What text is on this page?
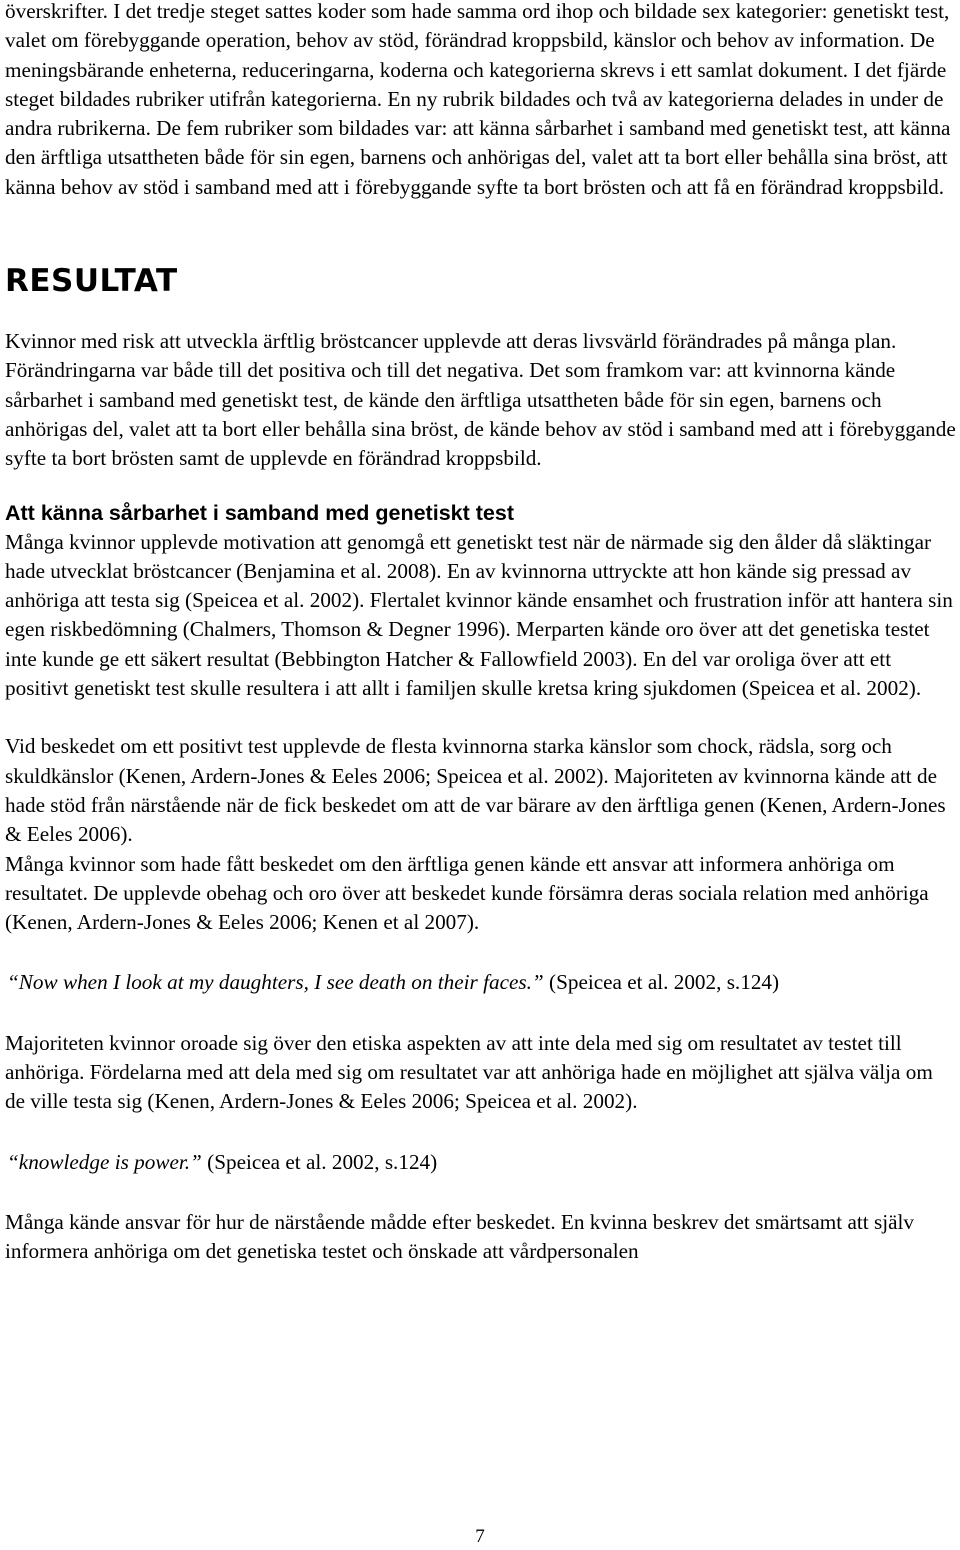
överskrifter. I det tredje steget sattes koder som hade samma ord ihop och bildade sex kategorier: genetiskt test, valet om förebyggande operation, behov av stöd, förändrad kroppsbild, känslor och behov av information. De meningsbärande enheterna, reduceringarna, koderna och kategorierna skrevs i ett samlat dokument. I det fjärde steget bildades rubriker utifrån kategorierna. En ny rubrik bildades och två av kategorierna delades in under de andra rubrikerna. De fem rubriker som bildades var: att känna sårbarhet i samband med genetiskt test, att känna den ärftliga utsattheten både för sin egen, barnens och anhörigas del, valet att ta bort eller behålla sina bröst, att känna behov av stöd i samband med att i förebyggande syfte ta bort brösten och att få en förändrad kroppsbild.

RESULTAT

Kvinnor med risk att utveckla ärftlig bröstcancer upplevde att deras livsvärld förändrades på många plan. Förändringarna var både till det positiva och till det negativa. Det som framkom var: att kvinnorna kände sårbarhet i samband med genetiskt test, de kände den ärftliga utsattheten både för sin egen, barnens och anhörigas del, valet att ta bort eller behålla sina bröst, de kände behov av stöd i samband med att i förebyggande syfte ta bort brösten samt de upplevde en förändrad kroppsbild.

Att känna sårbarhet i samband med genetiskt test

Många kvinnor upplevde motivation att genomgå ett genetiskt test när de närmade sig den ålder då släktingar hade utvecklat bröstcancer (Benjamina et al. 2008). En av kvinnorna uttryckte att hon kände sig pressad av anhöriga att testa sig (Speicea et al. 2002). Flertalet kvinnor kände ensamhet och frustration inför att hantera sin egen riskbedömning (Chalmers, Thomson & Degner 1996). Merparten kände oro över att det genetiska testet inte kunde ge ett säkert resultat (Bebbington Hatcher & Fallowfield 2003). En del var oroliga över att ett positivt genetiskt test skulle resultera i att allt i familjen skulle kretsa kring sjukdomen (Speicea et al. 2002).

Vid beskedet om ett positivt test upplevde de flesta kvinnorna starka känslor som chock, rädsla, sorg och skuldkänslor (Kenen, Ardern-Jones & Eeles 2006; Speicea et al. 2002). Majoriteten av kvinnorna kände att de hade stöd från närstående när de fick beskedet om att de var bärare av den ärftliga genen (Kenen, Ardern-Jones & Eeles 2006).

Många kvinnor som hade fått beskedet om den ärftliga genen kände ett ansvar att informera anhöriga om resultatet. De upplevde obehag och oro över att beskedet kunde försämra deras sociala relation med anhöriga (Kenen, Ardern-Jones & Eeles 2006; Kenen et al 2007).

“Now when I look at my daughters, I see death on their faces.” (Speicea et al. 2002, s.124)

Majoriteten kvinnor oroade sig över den etiska aspekten av att inte dela med sig om resultatet av testet till anhöriga. Fördelarna med att dela med sig om resultatet var att anhöriga hade en möjlighet att själva välja om de ville testa sig (Kenen, Ardern-Jones & Eeles 2006; Speicea et al. 2002).

“knowledge is power.” (Speicea et al. 2002, s.124)

Många kände ansvar för hur de närstående mådde efter beskedet. En kvinna beskrev det smärtsamt att själv informera anhöriga om det genetiska testet och önskade att vårdpersonalen

7
